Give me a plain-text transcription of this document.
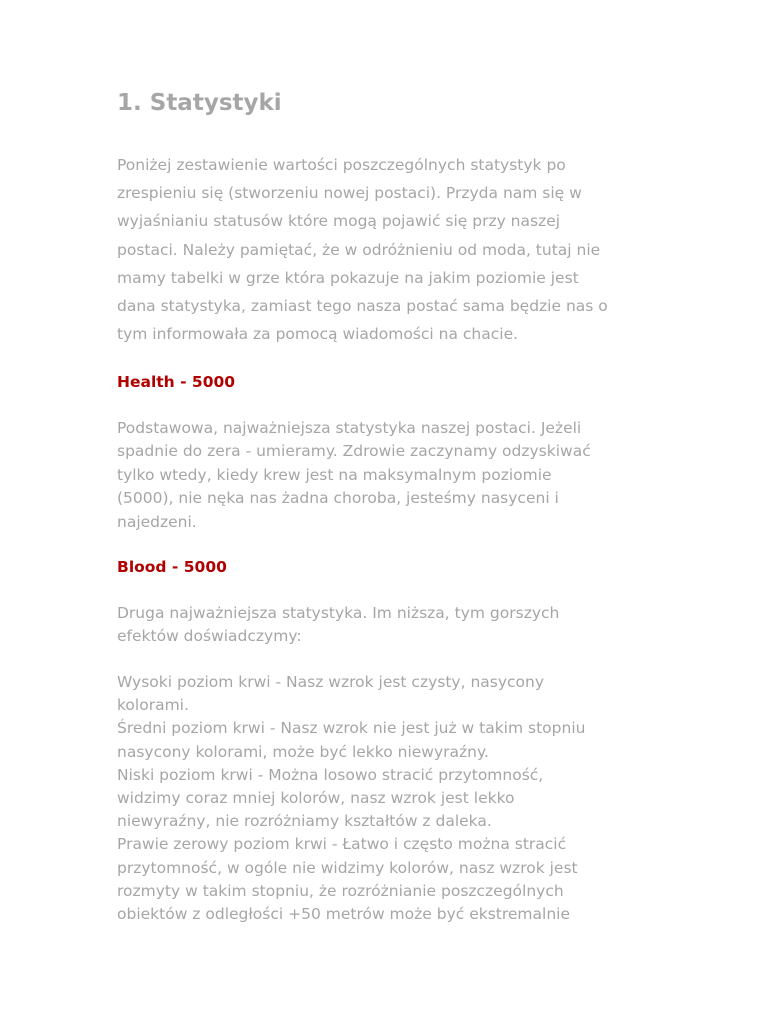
1. Statystyki

Poniżej zestawienie wartości poszczególnych statystyk po
zrespieniu się (stworzeniu nowej postaci). Przyda nam się w
wyjaśnianiu statusów które mogą pojawić się przy naszej
postaci. Należy pamiętać, że w odróżnieniu od moda, tutaj nie
mamy tabelki w grze która pokazuje na jakim poziomie jest
dana statystyka, zamiast tego nasza postać sama będzie nas o
tym informowała za pomocą wiadomości na chacie.

Health - 5000

Podstawowa, najważniejsza statystyka naszej postaci. Jeżeli
spadnie do zera - umieramy. Zdrowie zaczynamy odzyskiwać
tylko wtedy, kiedy krew jest na maksymalnym poziomie
(5000), nie nęka nas żadna choroba, jesteśmy nasyceni i
najedzeni.

Blood - 5000

Druga najważniejsza statystyka. Im niższa, tym gorszych
efektów doświadczymy:

Wysoki poziom krwi - Nasz wzrok jest czysty, nasycony
kolorami.
Średni poziom krwi - Nasz wzrok nie jest już w takim stopniu
nasycony kolorami, może być lekko niewyraźny.
Niski poziom krwi - Można losowo stracić przytomność,
widzimy coraz mniej kolorów, nasz wzrok jest lekko
niewyraźny, nie rozróżniamy kształtów z daleka.
Prawie zerowy poziom krwi - Łatwo i często można stracić
przytomność, w ogóle nie widzimy kolorów, nasz wzrok jest
rozmyty w takim stopniu, że rozróżnianie poszczególnych
obiektów z odległości +50 metrów może być ekstremalnie
